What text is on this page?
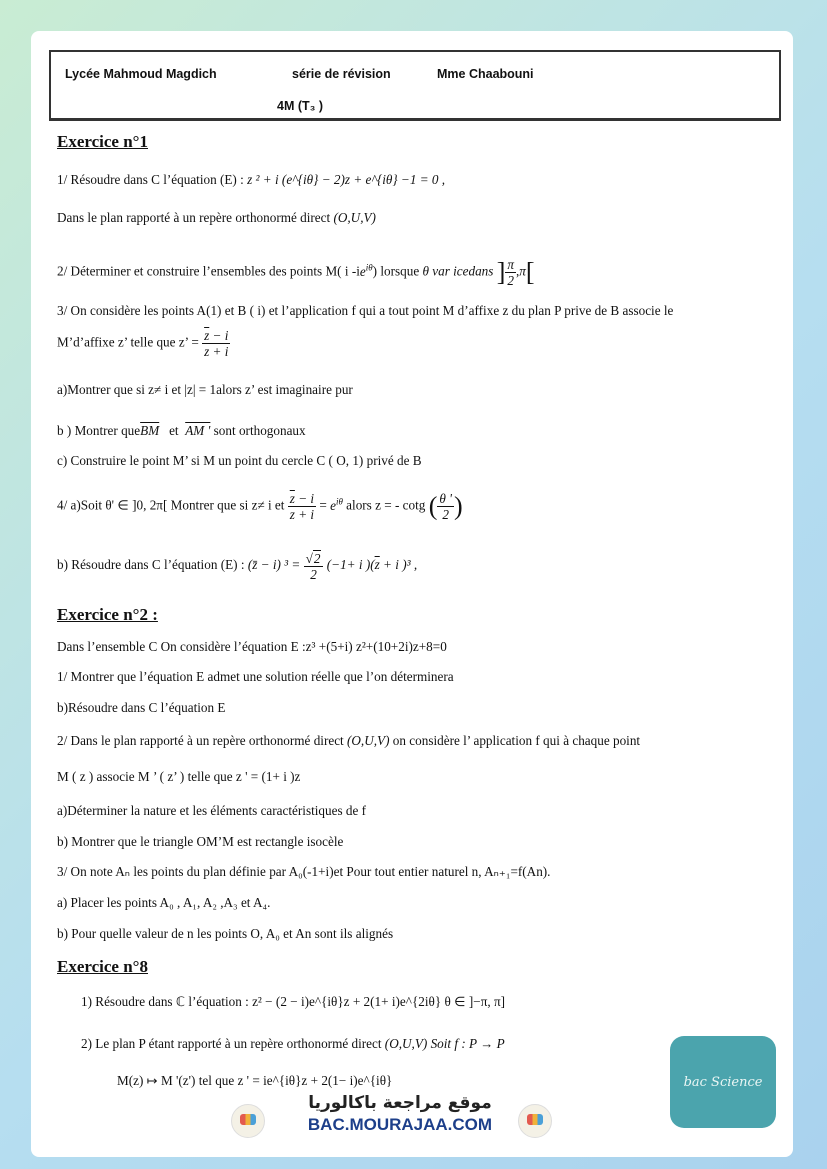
Lycée Mahmoud Magdich	série de révision	Mme Chaabouni
4M (T₃ )
Exercice n°1
1/ Résoudre dans C l’équation (E) : z ² + i (e^{iθ} − 2)z + e^{iθ} −1 = 0 ,
Dans le plan rapporté à un repère orthonormé direct (O,U,V)
2/ Déterminer et construire l’ensembles des points M( i $-ie^{i\theta}$) lorsque θ var icedans ] $\frac{\pi}{2} ,\pi$[
3/ On considère les points A(1) et B ( i) et l’application f qui a tout point M d’affixe z du plan P prive de B associe le
M’d’affixe z’ telle que z’ = $\frac{\overline{z} - i}{\overline{z} + i}$
a)Montrer que si z≠ i et |z| = 1alors z’ est imaginaire pur
b ) Montrer $que\overline{BM}$ et AM ' sont orthogonaux
c) Construire le point M’ si M un point du cercle C ( O, 1) privé de B
4/ a)Soit θ' ∈ ]0, 2π[ Montrer que si z≠ i et $\frac{\overline{z} - i}{\overline{z} + i} = e^{i\theta}$ alors z = - cotg ( $\frac{\theta '}{2}$ )
b) Résoudre dans C l’équation (E) : (z̄ − i) $^3 = \frac{√2}{2} (-1+ i$ )($\overline{z} + i$ )³ ,
Exercice n°2 :
Dans l’ensemble C On considère l’équation E :z³ +(5+i) z²+(10+2i)z+8=0
1/ Montrer que l’équation E admet une solution réelle que l’on déterminera
b)Résoudre dans C l’équation E
2/ Dans le plan rapporté à un repère orthonormé direct (O,U,V) on considère l’ application f qui à chaque point
M ( z ) associe M ’ ( z’ ) telle que z ' = (1+ i )z
a)Déterminer la nature et les éléments caractéristiques de f
b) Montrer que le triangle OM’M est rectangle isocèle
3/ On note Aₙ les points du plan définie par A₀(-1+i)et Pour tout entier naturel n, Aₙ₊₁=f(An).
a) Placer les points A₀ , A₁, A₂ ,A₃ et A₄.
b) Pour quelle valeur de n les points O, A₀ et An sont ils alignés
Exercice n°8
1) Résoudre dans ℂ l’équation : z² − (2 − i)e^{iθ}z + 2(1+ i)e^{2iθ} θ ∈ ]−π, π]
2) Le plan P étant rapporté à un repère orthonormé direct (O,U,V) Soit f : P → P
M(z) ↦ M '(z') tel que z ' = ie^{iθ}z + 2(1− i)e^{iθ}
موقع مراجعة باكالوريا
BAC.MOURAJAA.COM
bac Science
